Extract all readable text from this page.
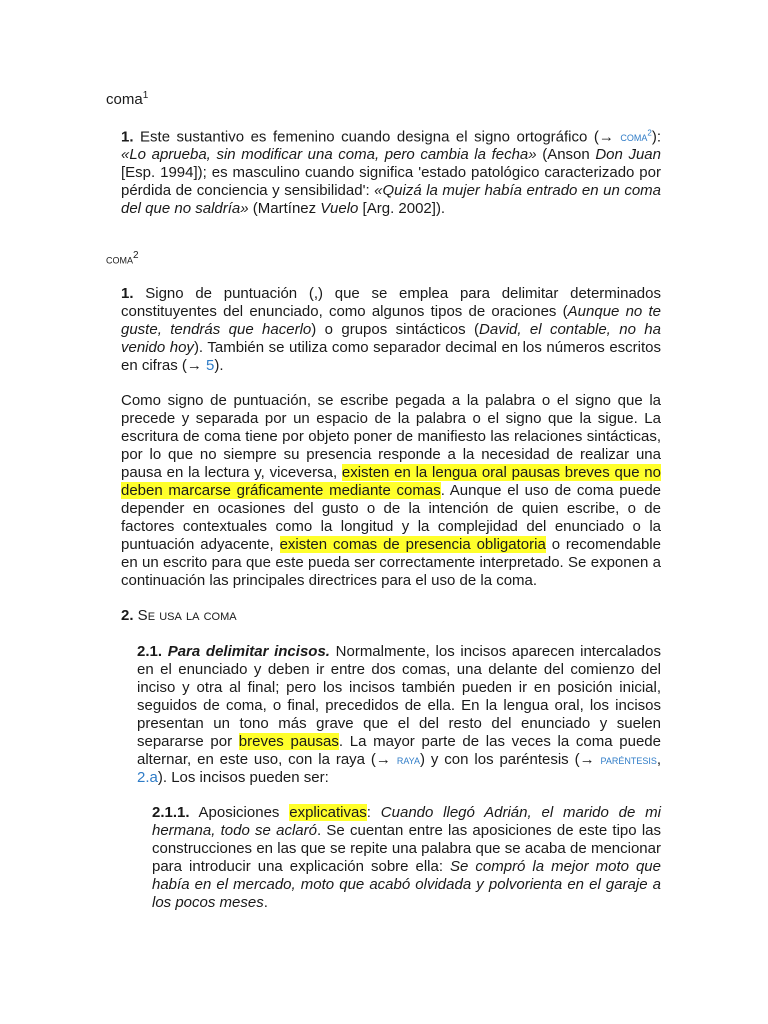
coma$^1$
1. Este sustantivo es femenino cuando designa el signo ortográfico (→ coma$^2$): «Lo aprueba, sin modificar una coma, pero cambia la fecha» (Anson Don Juan [Esp. 1994]); es masculino cuando significa 'estado patológico caracterizado por pérdida de conciencia y sensibilidad': «Quizá la mujer había entrado en un coma del que no saldría» (Martínez Vuelo [Arg. 2002]).
coma$^2$
1. Signo de puntuación (,) que se emplea para delimitar determinados constituyentes del enunciado, como algunos tipos de oraciones (Aunque no te guste, tendrás que hacerlo) o grupos sintácticos (David, el contable, no ha venido hoy). También se utiliza como separador decimal en los números escritos en cifras (→ 5).
Como signo de puntuación, se escribe pegada a la palabra o el signo que la precede y separada por un espacio de la palabra o el signo que la sigue. La escritura de coma tiene por objeto poner de manifiesto las relaciones sintácticas, por lo que no siempre su presencia responde a la necesidad de realizar una pausa en la lectura y, viceversa, existen en la lengua oral pausas breves que no deben marcarse gráficamente mediante comas. Aunque el uso de coma puede depender en ocasiones del gusto o de la intención de quien escribe, o de factores contextuales como la longitud y la complejidad del enunciado o la puntuación adyacente, existen comas de presencia obligatoria o recomendable en un escrito para que este pueda ser correctamente interpretado. Se exponen a continuación las principales directrices para el uso de la coma.
2. Se usa la coma
2.1. Para delimitar incisos. Normalmente, los incisos aparecen intercalados en el enunciado y deben ir entre dos comas, una delante del comienzo del inciso y otra al final; pero los incisos también pueden ir en posición inicial, seguidos de coma, o final, precedidos de ella. En la lengua oral, los incisos presentan un tono más grave que el del resto del enunciado y suelen separarse por breves pausas. La mayor parte de las veces la coma puede alternar, en este uso, con la raya (→ raya) y con los paréntesis (→ paréntesis, 2.a). Los incisos pueden ser:
2.1.1. Aposiciones explicativas: Cuando llegó Adrián, el marido de mi hermana, todo se aclaró. Se cuentan entre las aposiciones de este tipo las construcciones en las que se repite una palabra que se acaba de mencionar para introducir una explicación sobre ella: Se compró la mejor moto que había en el mercado, moto que acabó olvidada y polvorienta en el garaje a los pocos meses.
